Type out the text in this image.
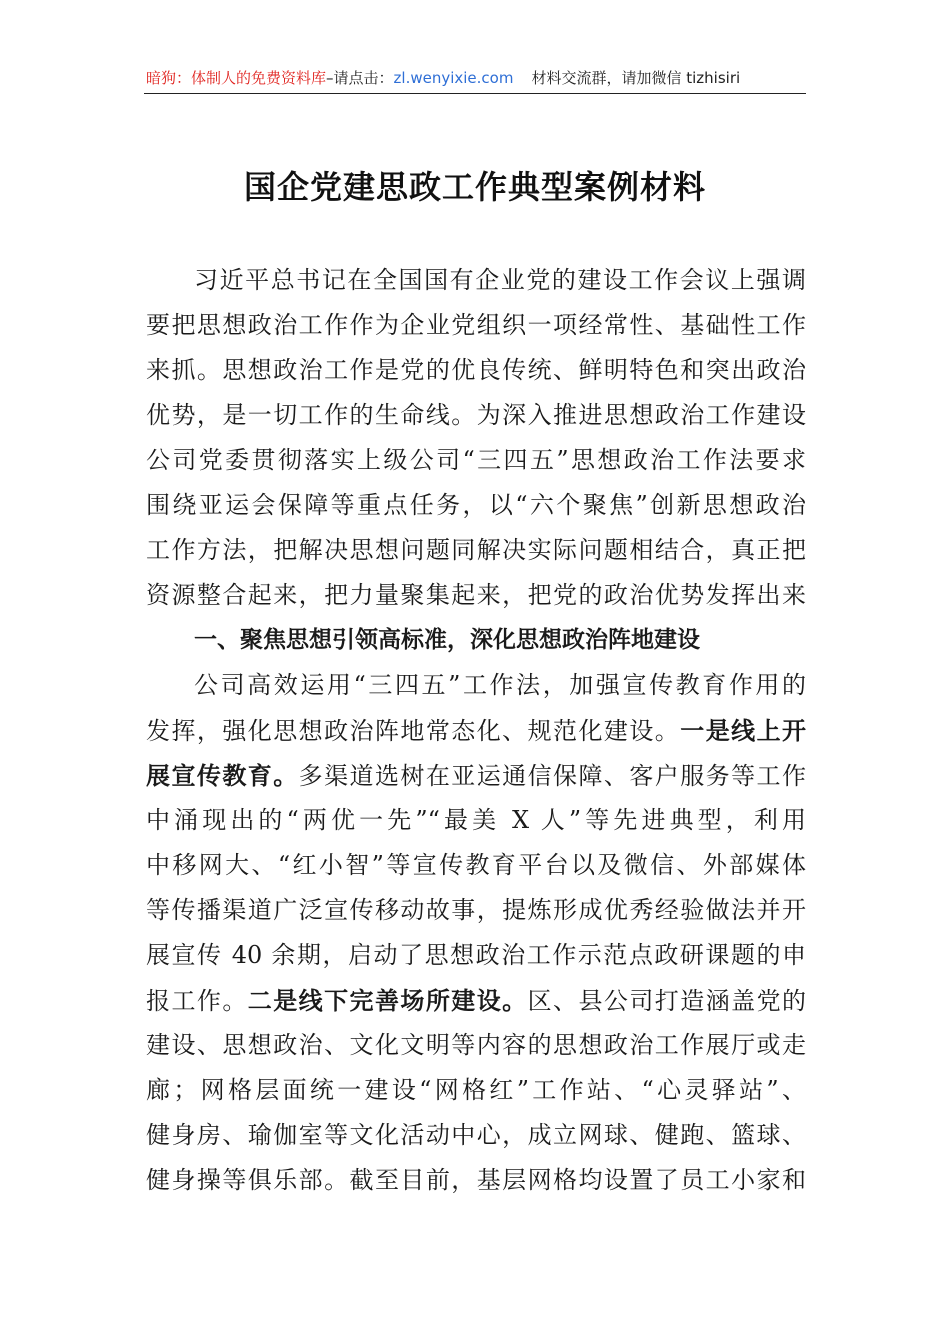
暗狗：体制人的免费资料库–请点击：zl.wenyixie.com 材料交流群，请加微信 tizhisiri
国企党建思政工作典型案例材料
习近平总书记在全国国有企业党的建设工作会议上强调
要把思想政治工作作为企业党组织一项经常性、基础性工作
来抓。思想政治工作是党的优良传统、鲜明特色和突出政治
优势，是一切工作的生命线。为深入推进思想政治工作建设
公司党委贯彻落实上级公司“三四五”思想政治工作法要求
围绕亚运会保障等重点任务，以“六个聚焦”创新思想政治
工作方法，把解决思想问题同解决实际问题相结合，真正把
资源整合起来，把力量聚集起来，把党的政治优势发挥出来
一、聚焦思想引领高标准，深化思想政治阵地建设
公司高效运用“三四五”工作法，加强宣传教育作用的
发挥，强化思想政治阵地常态化、规范化建设。一是线上开
展宣传教育。多渠道选树在亚运通信保障、客户服务等工作
中涌现出的“两优一先”“最美 X 人”等先进典型，利用
中移网大、“红小智”等宣传教育平台以及微信、外部媒体
等传播渠道广泛宣传移动故事，提炼形成优秀经验做法并开
展宣传 40 余期，启动了思想政治工作示范点政研课题的申
报工作。二是线下完善场所建设。区、县公司打造涵盖党的
建设、思想政治、文化文明等内容的思想政治工作展厅或走
廊；网格层面统一建设“网格红”工作站、“心灵驿站”、
健身房、瑜伽室等文化活动中心，成立网球、健跑、篮球、
健身操等俱乐部。截至目前，基层网格均设置了员工小家和
